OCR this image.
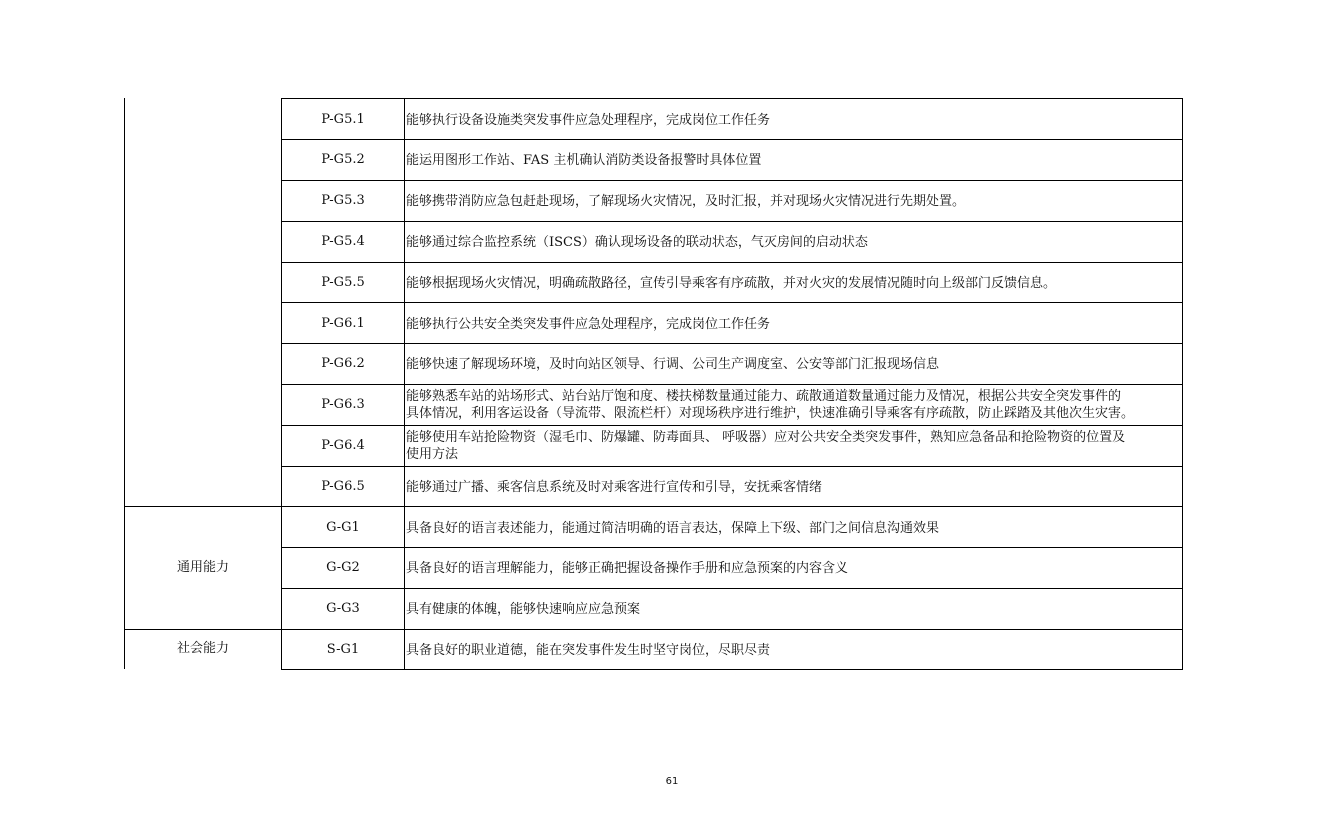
通用能力
社会能力
P-G5.1
P-G5.2
P-G5.3
P-G5.4
P-G5.5
P-G6.1
P-G6.2
P-G6.3
P-G6.4
P-G6.5
G-G1
G-G2
G-G3
S-G1
能够执行设备设施类突发事件应急处理程序，完成岗位工作任务
能运用图形工作站、FAS 主机确认消防类设备报警时具体位置
能够携带消防应急包赶赴现场，了解现场火灾情况，及时汇报，并对现场火灾情况进行先期处置。
能够通过综合监控系统（ISCS）确认现场设备的联动状态，气灭房间的启动状态
能够根据现场火灾情况，明确疏散路径，宣传引导乘客有序疏散，并对火灾的发展情况随时向上级部门反馈信息。
能够执行公共安全类突发事件应急处理程序，完成岗位工作任务
能够快速了解现场环境，及时向站区领导、行调、公司生产调度室、公安等部门汇报现场信息
能够熟悉车站的站场形式、站台站厅饱和度、楼扶梯数量通过能力、疏散通道数量通过能力及情况，根据公共安全突发事件的
具体情况，利用客运设备（导流带、限流栏杆）对现场秩序进行维护，快速准确引导乘客有序疏散，防止踩踏及其他次生灾害。
能够使用车站抢险物资（湿毛巾、防爆罐、防毒面具、 呼吸器）应对公共安全类突发事件，熟知应急备品和抢险物资的位置及
使用方法
能够通过广播、乘客信息系统及时对乘客进行宣传和引导，安抚乘客情绪
具备良好的语言表述能力，能通过简洁明确的语言表达，保障上下级、部门之间信息沟通效果
具备良好的语言理解能力，能够正确把握设备操作手册和应急预案的内容含义
具有健康的体魄，能够快速响应应急预案
具备良好的职业道德，能在突发事件发生时坚守岗位，尽职尽责
61
